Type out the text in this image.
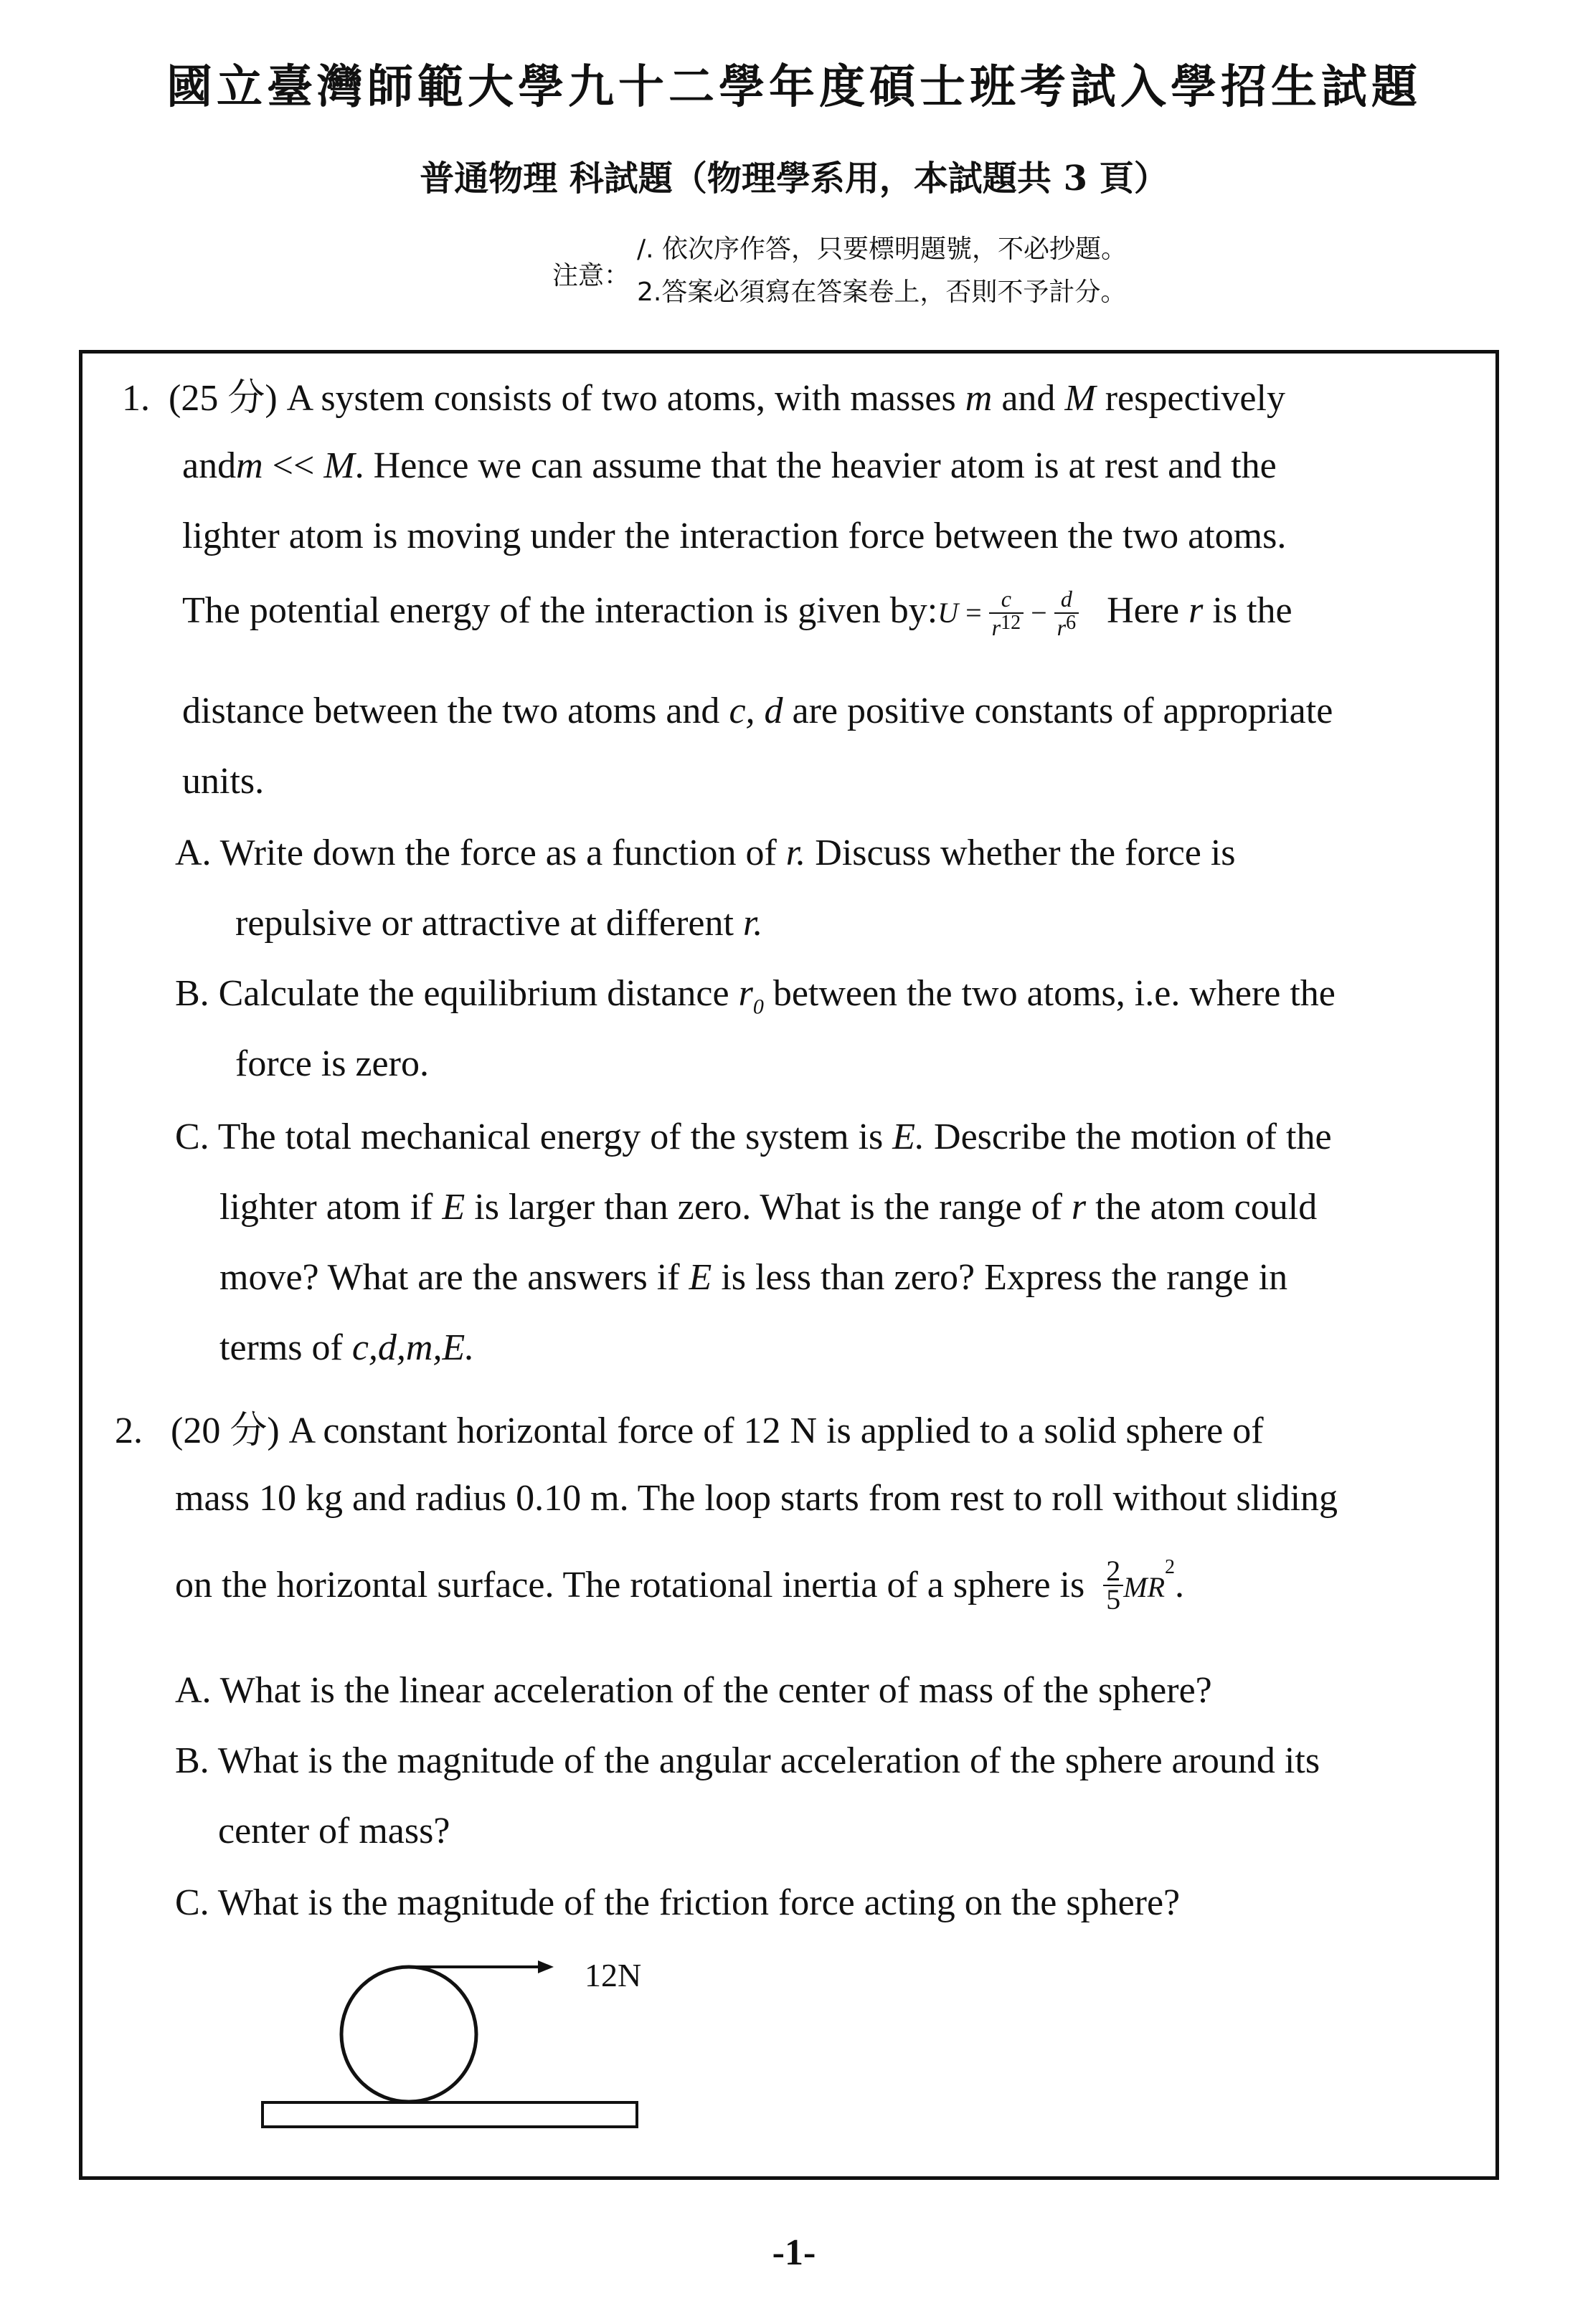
國立臺灣師範大學九十二學年度碩士班考試入學招生試題
普通物理 科試題（物理學系用，本試題共 3 頁）
注意：
/. 依次序作答，只要標明題號，不必抄題。
2.答案必須寫在答案卷上，否則不予計分。
1. (25 分) A system consists of two atoms, with masses m and M respectively
andm << M. Hence we can assume that the heavier atom is at rest and the
lighter atom is moving under the interaction force between the two atoms.
The potential energy of the interaction is given by:U = $\frac{c}{r12} - \frac{d}{r6}$ Here r is the
distance between the two atoms and c, d are positive constants of appropriate
units.
A. Write down the force as a function of r. Discuss whether the force is
repulsive or attractive at different r.
B. Calculate the equilibrium distance $r_0$ between the two atoms, i.e. where the
force is zero.
C. The total mechanical energy of the system is E. Describe the motion of the
lighter atom if E is larger than zero. What is the range of r the atom could
move? What are the answers if E is less than zero? Express the range in
terms of c,d,m,E.
2. (20 分) A constant horizontal force of 12 N is applied to a solid sphere of
mass 10 kg and radius 0.10 m. The loop starts from rest to roll without sliding
on the horizontal surface. The rotational inertia of a sphere is $\frac{2}{5} MR^2$.
A. What is the linear acceleration of the center of mass of the sphere?
B. What is the magnitude of the angular acceleration of the sphere around its
center of mass?
C. What is the magnitude of the friction force acting on the sphere?
12N
-1-
